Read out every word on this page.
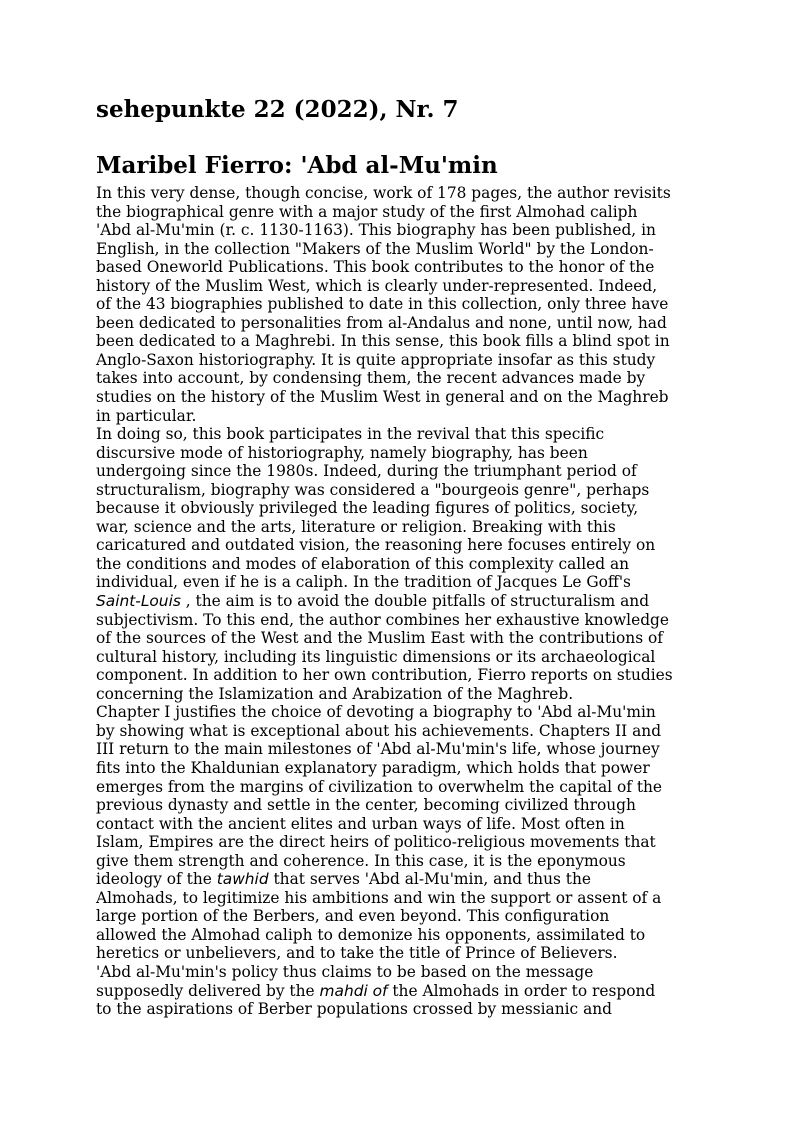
sehepunkte 22 (2022), Nr. 7
Maribel Fierro: 'Abd al-Mu'min
In this very dense, though concise, work of 178 pages, the author revisits
the biographical genre with a major study of the first Almohad caliph
'Abd al-Mu'min (r. c. 1130-1163). This biography has been published, in
English, in the collection "Makers of the Muslim World" by the London-
based Oneworld Publications. This book contributes to the honor of the
history of the Muslim West, which is clearly under-represented. Indeed,
of the 43 biographies published to date in this collection, only three have
been dedicated to personalities from al-Andalus and none, until now, had
been dedicated to a Maghrebi. In this sense, this book fills a blind spot in
Anglo-Saxon historiography. It is quite appropriate insofar as this study
takes into account, by condensing them, the recent advances made by
studies on the history of the Muslim West in general and on the Maghreb
in particular.
In doing so, this book participates in the revival that this specific
discursive mode of historiography, namely biography, has been
undergoing since the 1980s. Indeed, during the triumphant period of
structuralism, biography was considered a "bourgeois genre", perhaps
because it obviously privileged the leading figures of politics, society,
war, science and the arts, literature or religion. Breaking with this
caricatured and outdated vision, the reasoning here focuses entirely on
the conditions and modes of elaboration of this complexity called an
individual, even if he is a caliph. In the tradition of Jacques Le Goff's
Saint-Louis , the aim is to avoid the double pitfalls of structuralism and
subjectivism. To this end, the author combines her exhaustive knowledge
of the sources of the West and the Muslim East with the contributions of
cultural history, including its linguistic dimensions or its archaeological
component. In addition to her own contribution, Fierro reports on studies
concerning the Islamization and Arabization of the Maghreb.
Chapter I justifies the choice of devoting a biography to 'Abd al-Mu'min
by showing what is exceptional about his achievements. Chapters II and
III return to the main milestones of 'Abd al-Mu'min's life, whose journey
fits into the Khaldunian explanatory paradigm, which holds that power
emerges from the margins of civilization to overwhelm the capital of the
previous dynasty and settle in the center, becoming civilized through
contact with the ancient elites and urban ways of life. Most often in
Islam, Empires are the direct heirs of politico-religious movements that
give them strength and coherence. In this case, it is the eponymous
ideology of the tawhid that serves 'Abd al-Mu'min, and thus the
Almohads, to legitimize his ambitions and win the support or assent of a
large portion of the Berbers, and even beyond. This configuration
allowed the Almohad caliph to demonize his opponents, assimilated to
heretics or unbelievers, and to take the title of Prince of Believers.
'Abd al-Mu'min's policy thus claims to be based on the message
supposedly delivered by the mahdi of the Almohads in order to respond
to the aspirations of Berber populations crossed by messianic and
